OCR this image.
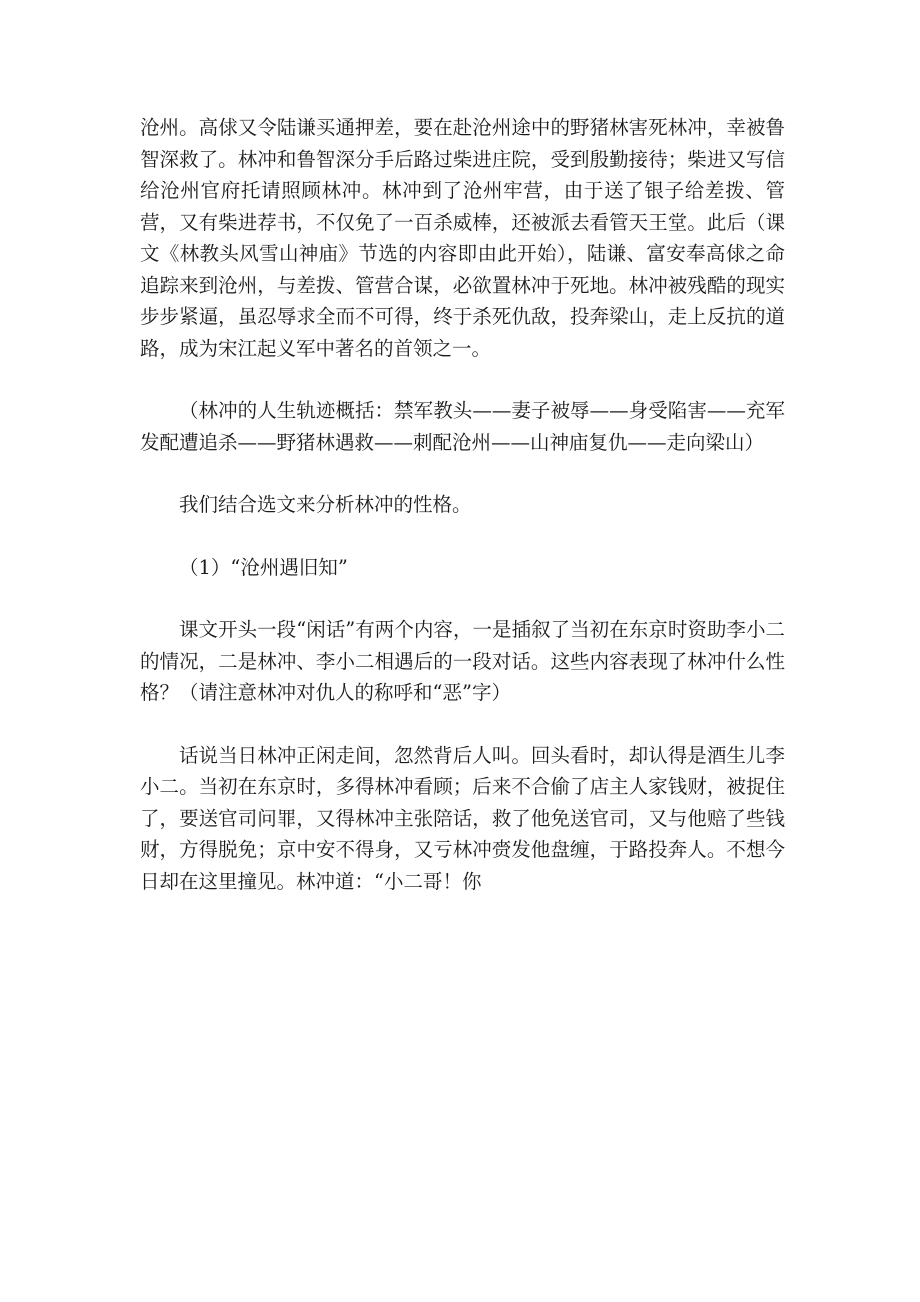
沧州。高俅又令陆谦买通押差，要在赴沧州途中的野猪林害死林冲，幸被鲁智深救了。林冲和鲁智深分手后路过柴进庄院，受到殷勤接待；柴进又写信给沧州官府托请照顾林冲。林冲到了沧州牢营，由于送了银子给差拨、管营，又有柴进荐书，不仅免了一百杀威棒，还被派去看管天王堂。此后（课文《林教头风雪山神庙》节选的内容即由此开始），陆谦、富安奉高俅之命追踪来到沧州，与差拨、管营合谋，必欲置林冲于死地。林冲被残酷的现实步步紧逼，虽忍辱求全而不可得，终于杀死仇敌，投奔梁山，走上反抗的道路，成为宋江起义军中著名的首领之一。

（林冲的人生轨迹概括：禁军教头——妻子被辱——身受陷害——充军发配遭追杀——野猪林遇救——刺配沧州——山神庙复仇——走向梁山）

我们结合选文来分析林冲的性格。

（1）“沧州遇旧知”

课文开头一段“闲话”有两个内容，一是插叙了当初在东京时资助李小二的情况，二是林冲、李小二相遇后的一段对话。这些内容表现了林冲什么性格？（请注意林冲对仇人的称呼和“恶”字）

话说当日林冲正闲走间，忽然背后人叫。回头看时，却认得是酒生儿李小二。当初在东京时，多得林冲看顾；后来不合偷了店主人家钱财，被捉住了，要送官司问罪，又得林冲主张陪话，救了他免送官司，又与他赔了些钱财，方得脱免；京中安不得身，又亏林冲赍发他盘缠，于路投奔人。不想今日却在这里撞见。林冲道：“小二哥！你
